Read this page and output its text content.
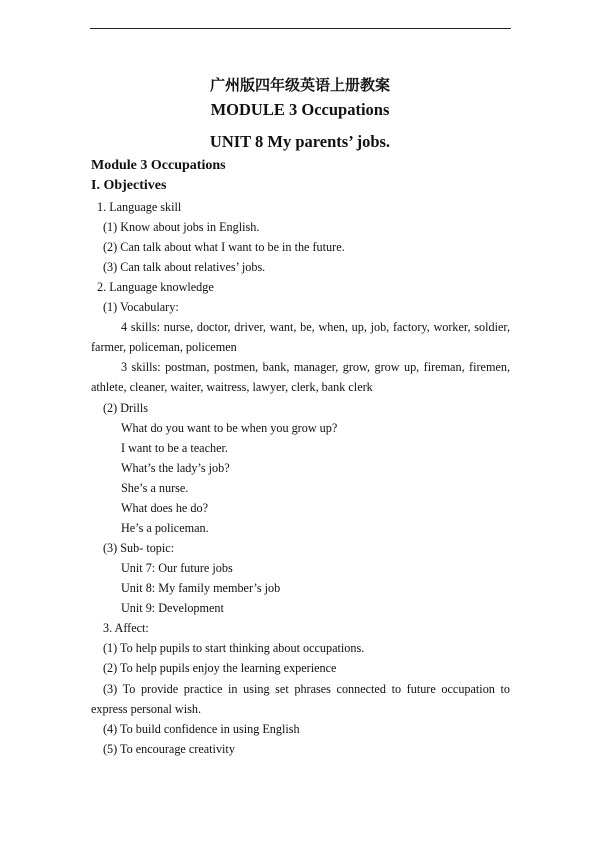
广州版四年级英语上册教案
MODULE 3 Occupations
UNIT 8 My parents’ jobs.
Module 3 Occupations
I. Objectives
1. Language skill
(1) Know about jobs in English.
(2) Can talk about what I want to be in the future.
(3) Can talk about relatives’ jobs.
2. Language knowledge
(1) Vocabulary:
4 skills: nurse, doctor, driver, want, be, when, up, job, factory, worker, soldier,
farmer, policeman, policemen
3 skills: postman, postmen, bank, manager, grow, grow up, fireman, firemen,
athlete, cleaner, waiter, waitress, lawyer, clerk, bank clerk
(2) Drills
What do you want to be when you grow up?
I want to be a teacher.
What’s the lady’s job?
She’s a nurse.
What does he do?
He’s a policeman.
(3) Sub- topic:
Unit 7: Our future jobs
Unit 8: My family member’s job
Unit 9: Development
3. Affect:
(1) To help pupils to start thinking about occupations.
(2) To help pupils enjoy the learning experience
(3) To provide practice in using set phrases connected to future occupation to
express personal wish.
(4) To build confidence in using English
(5) To encourage creativity
